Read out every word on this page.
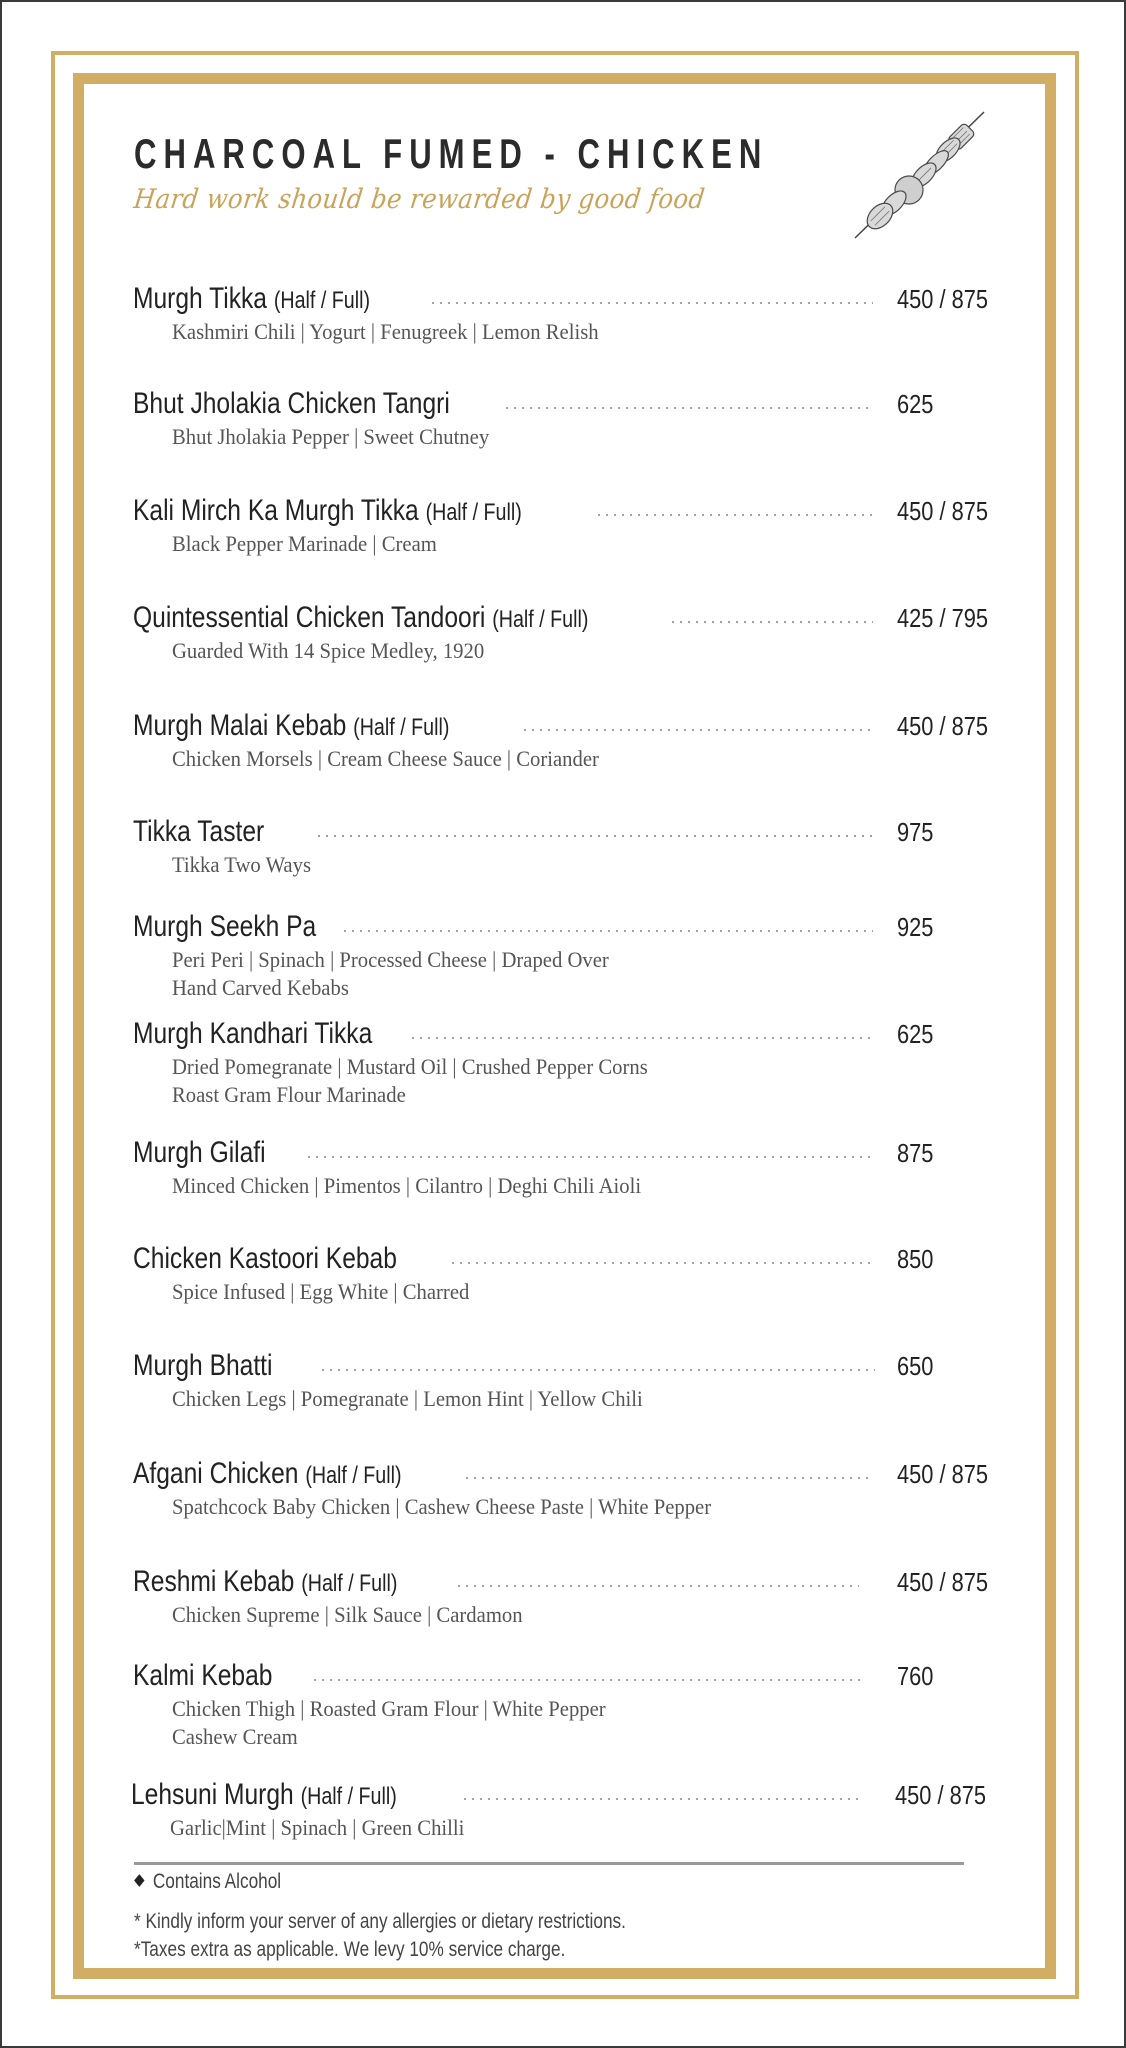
CHARCOAL FUMED - CHICKEN
Hard work should be rewarded by good food
Murgh Tikka (Half / Full)	450 / 875
Kashmiri Chili | Yogurt | Fenugreek | Lemon Relish
Bhut Jholakia Chicken Tangri	625
Bhut Jholakia Pepper | Sweet Chutney
Kali Mirch Ka Murgh Tikka (Half / Full)	450 / 875
Black Pepper Marinade | Cream
Quintessential Chicken Tandoori (Half / Full)	425 / 795
Guarded With 14 Spice Medley, 1920
Murgh Malai Kebab (Half / Full)	450 / 875
Chicken Morsels | Cream Cheese Sauce | Coriander
Tikka Taster	975
Tikka Two Ways
Murgh Seekh Pa	925
Peri Peri | Spinach | Processed Cheese | Draped Over
Hand Carved Kebabs
Murgh Kandhari Tikka	625
Dried Pomegranate | Mustard Oil | Crushed Pepper Corns
Roast Gram Flour Marinade
Murgh Gilafi	875
Minced Chicken | Pimentos | Cilantro | Deghi Chili Aioli
Chicken Kastoori Kebab	850
Spice Infused | Egg White | Charred
Murgh Bhatti	650
Chicken Legs | Pomegranate | Lemon Hint | Yellow Chili
Afgani Chicken (Half / Full)	450 / 875
Spatchcock Baby Chicken | Cashew Cheese Paste | White Pepper
Reshmi Kebab (Half / Full)	450 / 875
Chicken Supreme | Silk Sauce | Cardamon
Kalmi Kebab	760
Chicken Thigh | Roasted Gram Flour | White Pepper
Cashew Cream
Lehsuni Murgh (Half / Full)	450 / 875
Garlic|Mint | Spinach | Green Chilli
Contains Alcohol
* Kindly inform your server of any allergies or dietary restrictions.
*Taxes extra as applicable. We levy 10% service charge.
